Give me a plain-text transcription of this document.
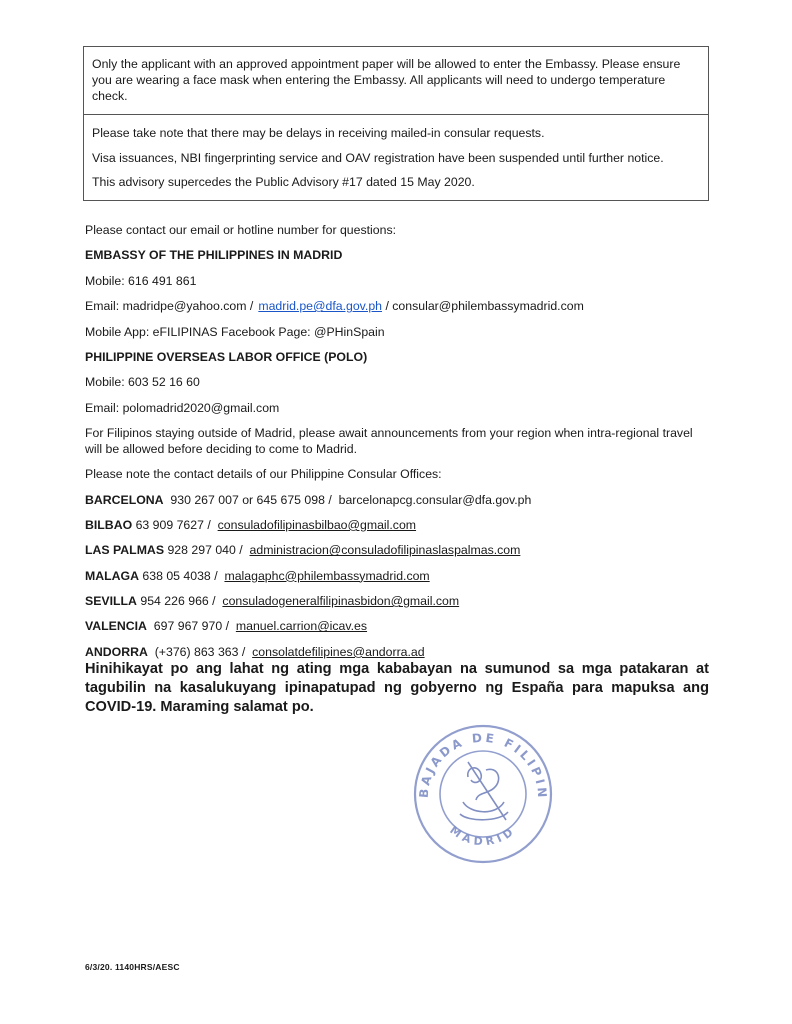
Only the applicant with an approved appointment paper will be allowed to enter the Embassy. Please ensure you are wearing a face mask when entering the Embassy. All applicants will need to undergo temperature check.
Please take note that there may be delays in receiving mailed-in consular requests.
Visa issuances, NBI fingerprinting service and OAV registration have been suspended until further notice.
This advisory supercedes the Public Advisory #17 dated 15 May 2020.
Please contact our email or hotline number for questions:
EMBASSY OF THE PHILIPPINES IN MADRID
Mobile: 616 491 861
Email: madridpe@yahoo.com / madrid.pe@dfa.gov.ph / consular@philembassymadrid.com
Mobile App: eFILIPINAS Facebook Page: @PHinSpain
PHILIPPINE OVERSEAS LABOR OFFICE (POLO)
Mobile: 603 52 16 60
Email: polomadrid2020@gmail.com
For Filipinos staying outside of Madrid, please await announcements from your region when intra-regional travel will be allowed before deciding to come to Madrid.
Please note the contact details of our Philippine Consular Offices:
BARCELONA 930 267 007 or 645 675 098 / barcelonapcg.consular@dfa.gov.ph
BILBAO 63 909 7627 / consuladofilipinasbilbao@gmail.com
LAS PALMAS 928 297 040 / administracion@consuladofilipinaslaspalmas.com
MALAGA 638 05 4038 / malagaphc@philembassymadrid.com
SEVILLA 954 226 966 / consuladogeneralfilipinasbidon@gmail.com
VALENCIA 697 967 970 / manuel.carrion@icav.es
ANDORRA (+376) 863 363 / consolatdefilipines@andorra.ad
Hinihikayat po ang lahat ng ating mga kababayan na sumunod sa mga patakaran at tagubilin na kasalukuyang ipinapatupad ng gobyerno ng España para mapuksa ang COVID-19. Maraming salamat po.
BAJADA DE FILIPIN
MADRID
6/3/20. 1140HRS/AESC
